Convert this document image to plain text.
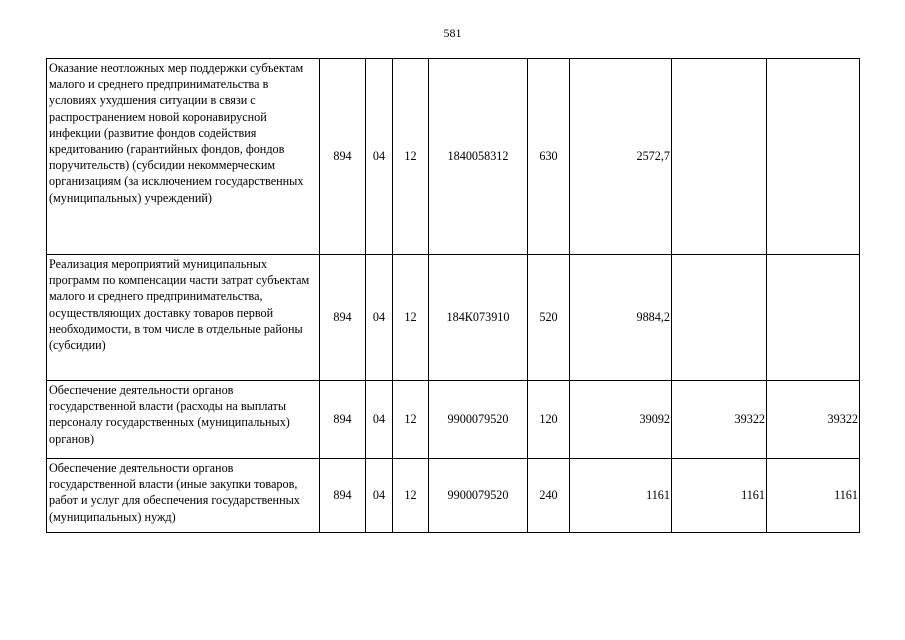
581
Оказание неотложных мер поддержки субъектам малого и среднего предпринимательства в условиях ухудшения ситуации в связи с распространением новой коронавирусной инфекции (развитие фондов содействия кредитованию (гарантийных фондов, фондов поручительств) (субсидии некоммерческим организациям (за исключением государственных (муниципальных) учреждений)	894	04	12	1840058312	630	2572,7		
Реализация мероприятий муниципальных программ по компенсации части затрат субъектам малого и среднего предпринимательства, осуществляющих доставку товаров первой необходимости, в том числе в отдельные районы (субсидии)	894	04	12	184К073910	520	9884,2		
Обеспечение деятельности органов государственной власти (расходы на выплаты персоналу государственных (муниципальных) органов)	894	04	12	9900079520	120	39092	39322	39322
Обеспечение деятельности органов государственной власти (иные закупки товаров, работ и услуг для обеспечения государственных (муниципальных) нужд)	894	04	12	9900079520	240	1161	1161	1161
